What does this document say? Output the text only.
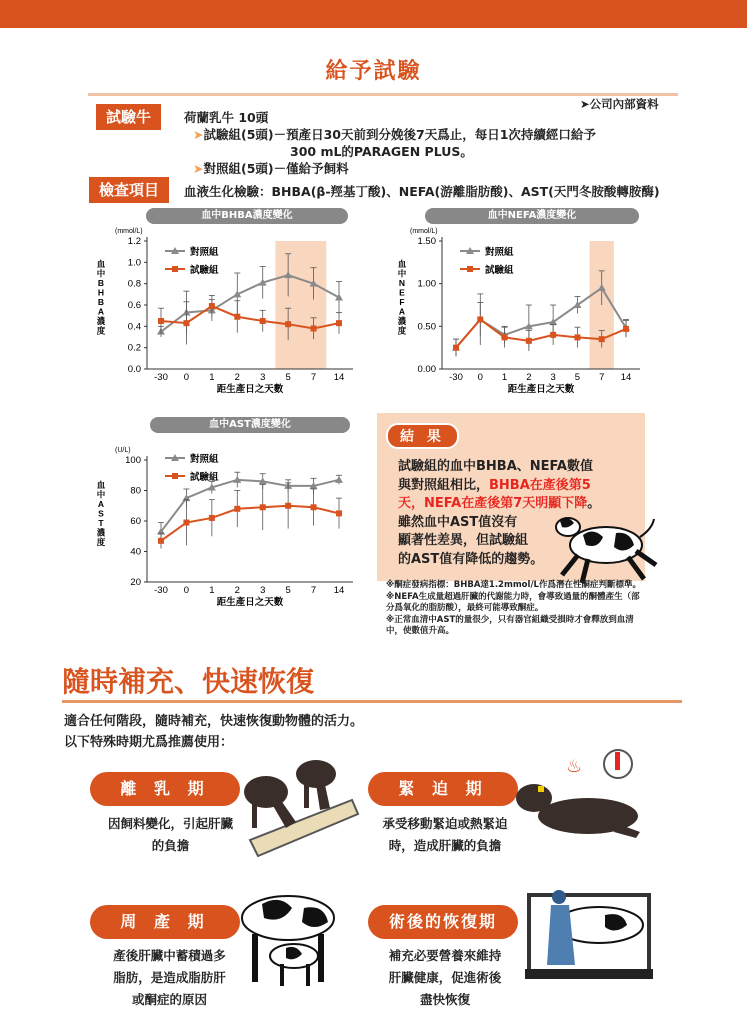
給予試驗
➤公司內部資料
試驗牛	荷蘭乳牛 10頭
➤試驗組(5頭)－預產日30天前到分娩後7天爲止，每日1次持續經口給予
300 mL的PARAGEN PLUS。
➤對照組(5頭)－僅給予飼料
檢查項目	血液生化檢驗：BHBA(β-羥基丁酸)、NEFA(游離脂肪酸)、AST(天門冬胺酸轉胺酶)
血中BHBA濃度變化	血中NEFA濃度變化
血中AST濃度變化
(mmol/L)
0.0
0.2
0.4
0.6
0.8
1.0
1.2
-30 0 1 2 3 5 7 14
距生產日之天數
血
中
B
H
B
A
濃
度
對照組
試驗組
(mmol/L)
0.00
0.50
1.00
1.50
-30 0 1 2 3 5 7 14
距生產日之天數
血
中
N
E
F
A
濃
度
對照組
試驗組
(U/L)
20
40
60
80
100
-30 0 1 2 3 5 7 14
距生產日之天數
血
中
A
S
T
濃
度
對照組
試驗組
結 果
試驗組的血中BHBA、NEFA數值
與對照組相比，BHBA在產後第5
天，NEFA在產後第7天明顯下降。
雖然血中AST值沒有
顯著性差異，但試驗組
的AST值有降低的趨勢。
※酮症發病指標：BHBA達1.2mmol/L作爲潛在性酮症判斷標準。
※NEFA生成量超過肝臟的代謝能力時，會導致過量的酮體產生（部分爲氧化的脂肪酸），最終可能導致酮症。
※正常血清中AST的量很少，只有器官組織受損時才會釋放到血清中，使數值升高。
隨時補充、快速恢復
適合任何階段，隨時補充，快速恢復動物體的活力。
以下特殊時期尤爲推薦使用：
離 乳 期
因飼料變化，引起肝臟
的負擔
緊 迫 期
承受移動緊迫或熱緊迫
時，造成肝臟的負擔
♨
周 產 期
產後肝臟中蓄積過多
脂肪，是造成脂肪肝
或酮症的原因
術後的恢復期
補充必要營養來維持
肝臟健康，促進術後
盡快恢復
